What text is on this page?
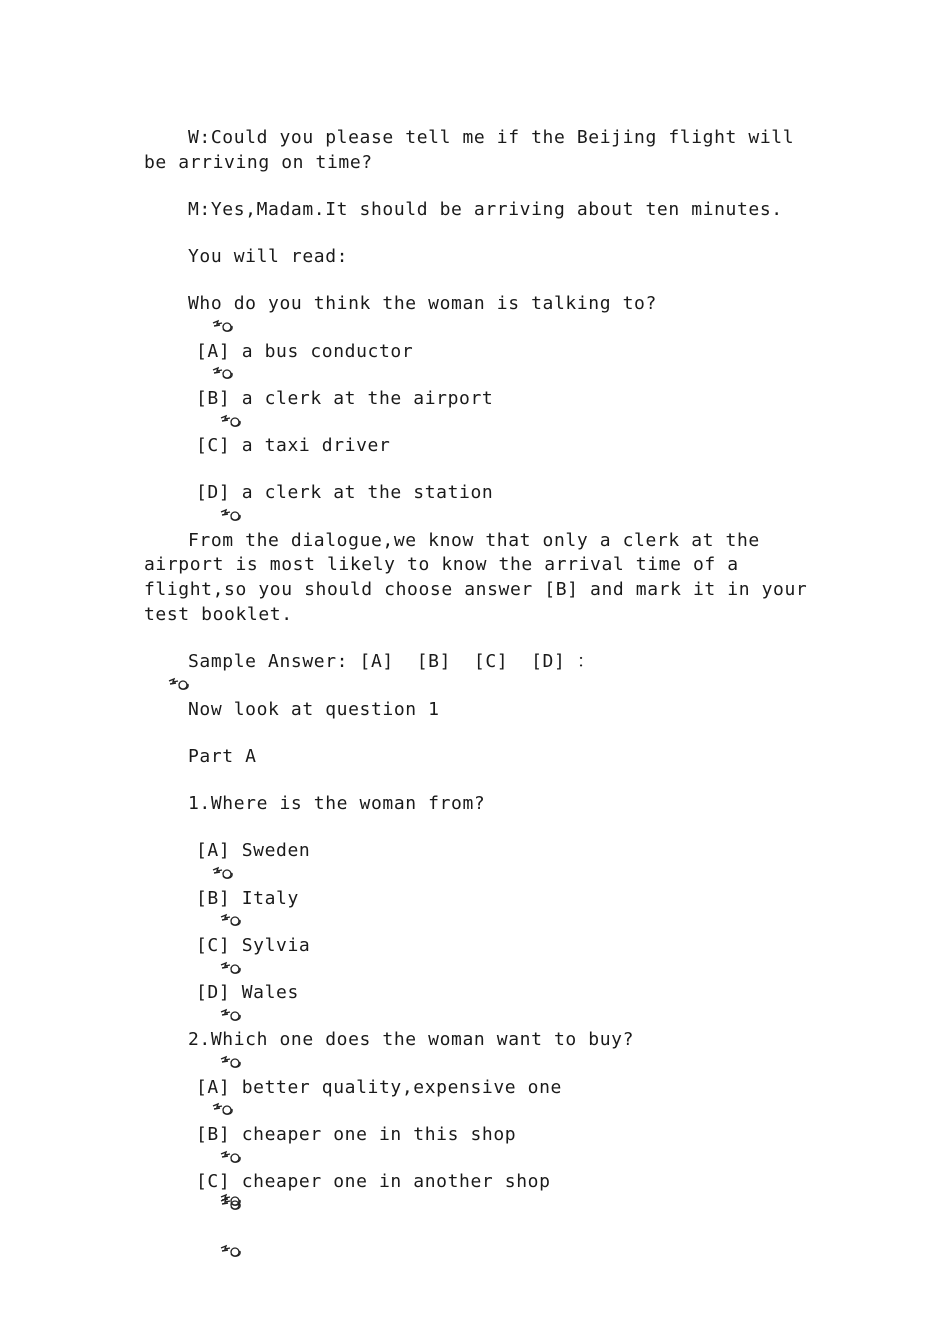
W:Could you please tell me if the Beijing flight will
be arriving on time?
M:Yes,Madam.It should be arriving about ten minutes.
You will read:

Who do you think the woman is talking to?

[A] a bus conductor

[B] a clerk at the airport
[C] a taxi driver

[D] a clerk at the station
From the dialogue,we know that only a clerk at the
airport is most likely to know the arrival time of a
flight,so you should choose answer [B] and mark it in your
test booklet.

Sample Answer: [A]  [B]  [C]  [D] ：
Now look at question 1
Part A
1.Where is the woman from?

[A] Sweden

[B] Italy

[C] Sylvia

[D] Wales

2.Which one does the woman want to buy?

[A] better quality,expensive one

[B] cheaper one in this shop

[C] cheaper one in another shop
